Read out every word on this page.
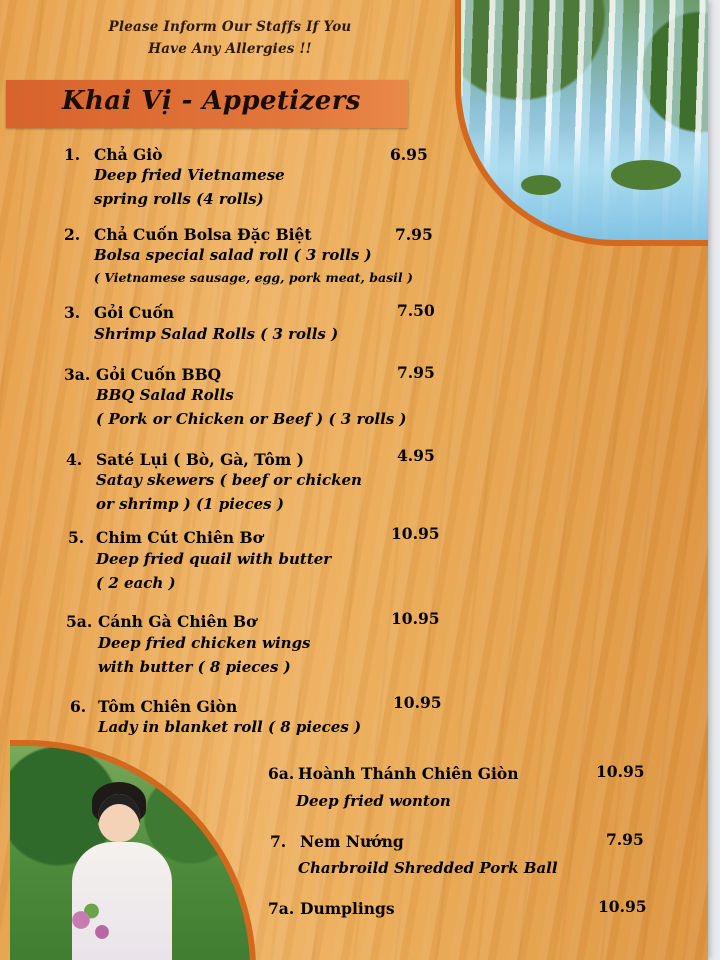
Please Inform Our Staffs If You
Have Any Allergies !!
Khai Vị - Appetizers
1. Chả Giò	6.95
Deep fried Vietnamese
spring rolls (4 rolls)
2. Chả Cuốn Bolsa Đặc Biệt	7.95
Bolsa special salad roll ( 3 rolls )
( Vietnamese sausage, egg, pork meat, basil )
3. Gỏi Cuốn	7.50
Shrimp Salad Rolls ( 3 rolls )
3a. Gỏi Cuốn BBQ	7.95
BBQ Salad Rolls
( Pork or Chicken or Beef ) ( 3 rolls )
4. Saté Lụi ( Bò, Gà, Tôm )	4.95
Satay skewers ( beef or chicken
or shrimp ) (1 pieces )
5. Chim Cút Chiên Bơ	10.95
Deep fried quail with butter
( 2 each )
5a. Cánh Gà Chiên Bơ	10.95
Deep fried chicken wings
with butter ( 8 pieces )
6. Tôm Chiên Giòn	10.95
Lady in blanket roll ( 8 pieces )
6a. Hoành Thánh Chiên Giòn	10.95
Deep fried wonton
7. Nem Nướng	7.95
Charbroild Shredded Pork Ball
7a. Dumplings	10.95
